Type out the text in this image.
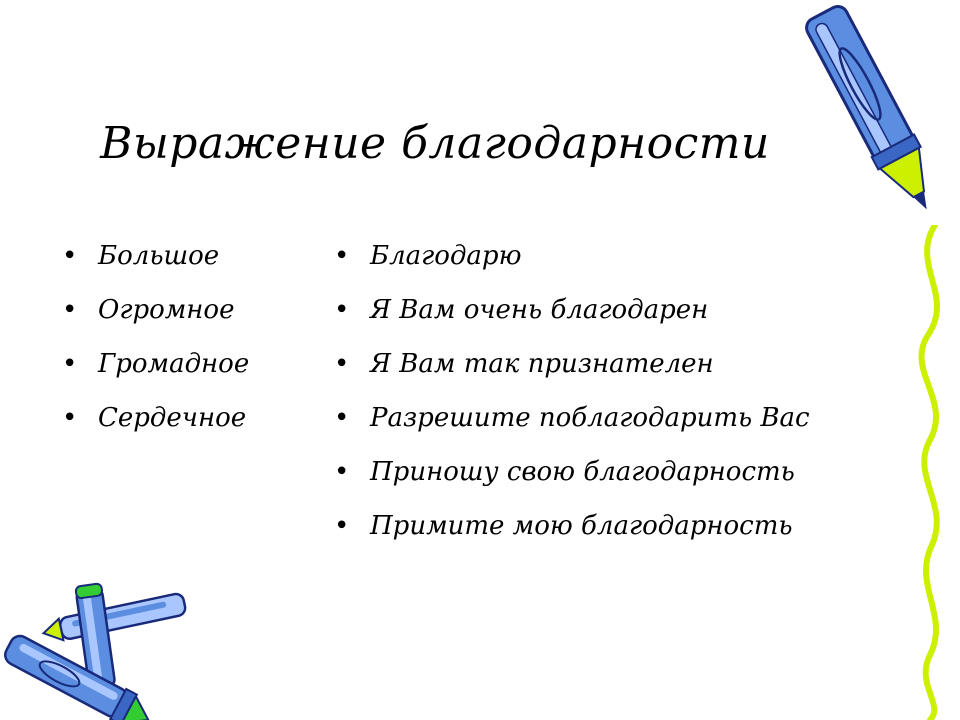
Выражение благодарности
• Большое
• Огромное
• Громадное
• Сердечное
• Благодарю
• Я Вам очень благодарен
• Я Вам так признателен
• Разрешите поблагодарить Вас
• Приношу свою благодарность
• Примите мою благодарность
